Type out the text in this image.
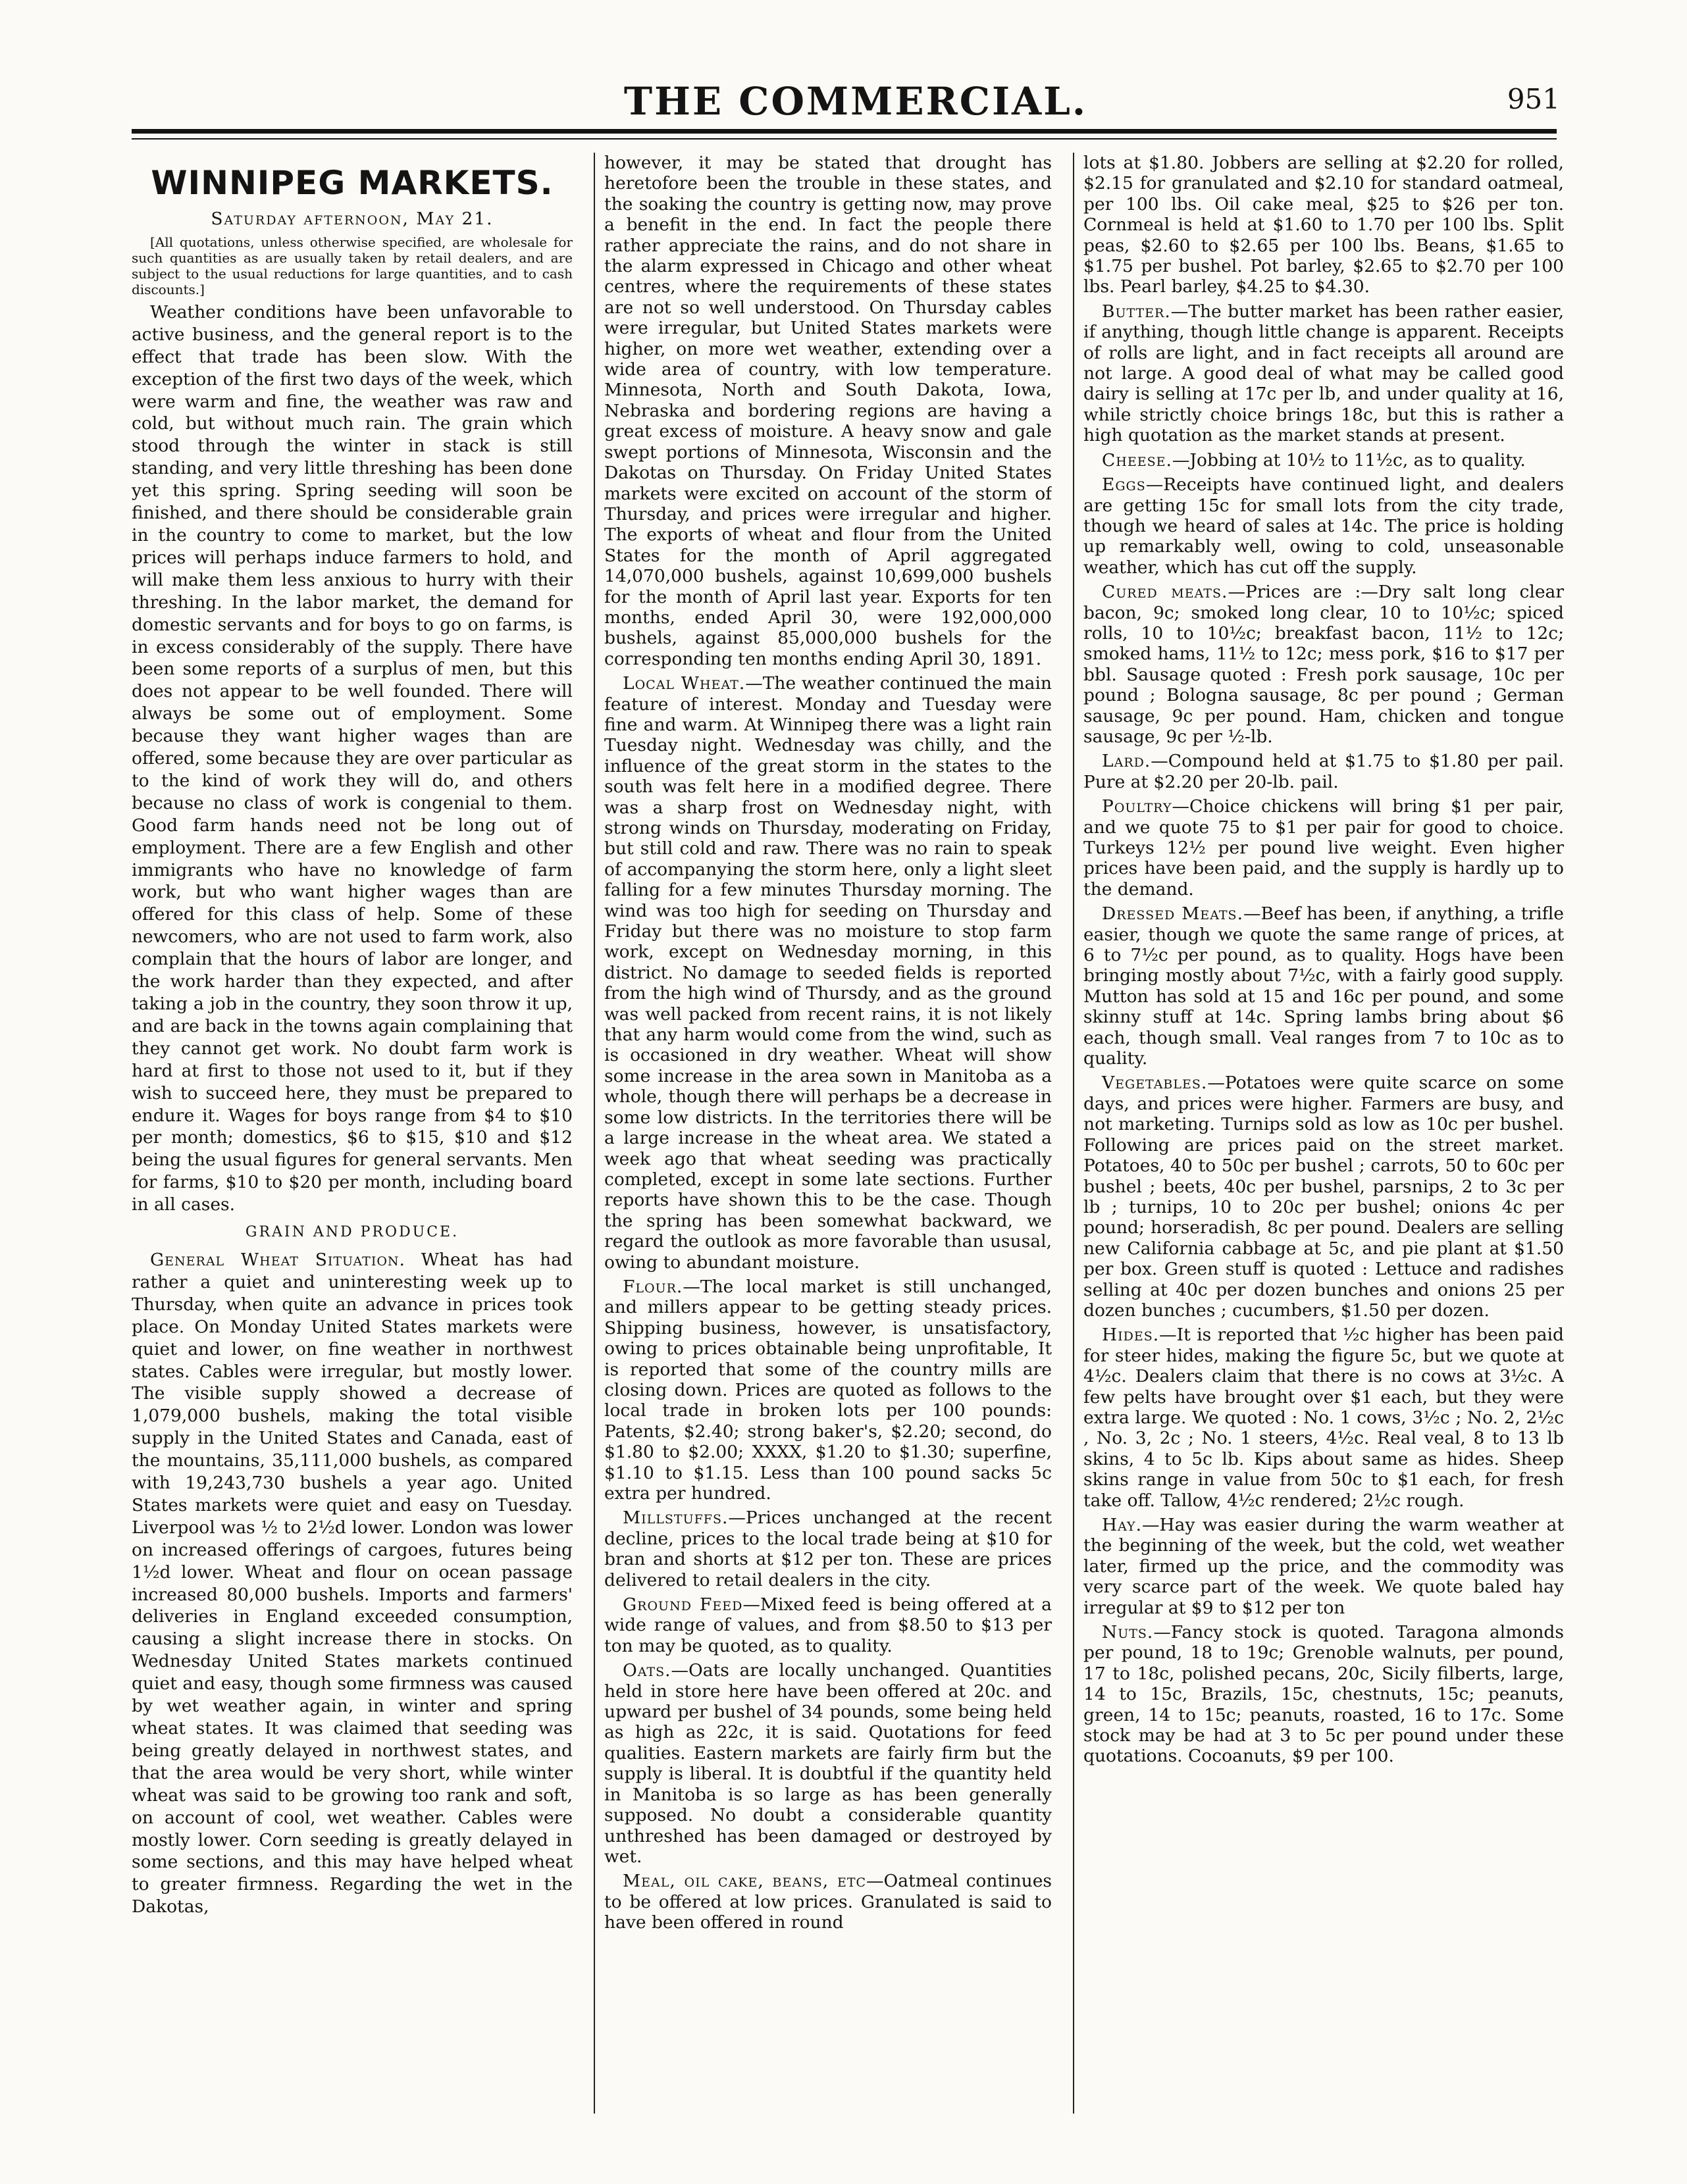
THE COMMERCIAL.	951
WINNIPEG MARKETS.
Saturday afternoon, May 21.

[All quotations, unless otherwise specified, are wholesale for such quantities as are usually taken by retail dealers, and are subject to the usual reductions for large quantities, and to cash discounts.]

Weather conditions have been unfavorable to active business, and the general report is to the effect that trade has been slow. With the exception of the first two days of the week, which were warm and fine, the weather was raw and cold, but without much rain. The grain which stood through the winter in stack is still standing, and very little threshing has been done yet this spring. Spring seeding will soon be finished, and there should be considerable grain in the country to come to market, but the low prices will perhaps induce farmers to hold, and will make them less anxious to hurry with their threshing. In the labor market, the demand for domestic servants and for boys to go on farms, is in excess considerably of the supply. There have been some reports of a surplus of men, but this does not appear to be well founded. There will always be some out of employment. Some because they want higher wages than are offered, some because they are over particular as to the kind of work they will do, and others because no class of work is congenial to them. Good farm hands need not be long out of employment. There are a few English and other immigrants who have no knowledge of farm work, but who want higher wages than are offered for this class of help. Some of these newcomers, who are not used to farm work, also complain that the hours of labor are longer, and the work harder than they expected, and after taking a job in the country, they soon throw it up, and are back in the towns again complaining that they cannot get work. No doubt farm work is hard at first to those not used to it, but if they wish to succeed here, they must be prepared to endure it. Wages for boys range from $4 to $10 per month; domestics, $6 to $15, $10 and $12 being the usual figures for general servants. Men for farms, $10 to $20 per month, including board in all cases.

GRAIN AND PRODUCE.

General Wheat Situation. Wheat has had rather a quiet and uninteresting week up to Thursday, when quite an advance in prices took place. On Monday United States markets were quiet and lower, on fine weather in northwest states. Cables were irregular, but mostly lower. The visible supply showed a decrease of 1,079,000 bushels, making the total visible supply in the United States and Canada, east of the mountains, 35,111,000 bushels, as compared with 19,243,730 bushels a year ago. United States markets were quiet and easy on Tuesday. Liverpool was ½ to 2½d lower. London was lower on increased offerings of cargoes, futures being 1½d lower. Wheat and flour on ocean passage increased 80,000 bushels. Imports and farmers' deliveries in England exceeded consumption, causing a slight increase there in stocks. On Wednesday United States markets continued quiet and easy, though some firmness was caused by wet weather again, in winter and spring wheat states. It was claimed that seeding was being greatly delayed in northwest states, and that the area would be very short, while winter wheat was said to be growing too rank and soft, on account of cool, wet weather. Cables were mostly lower. Corn seeding is greatly delayed in some sections, and this may have helped wheat to greater firmness. Regarding the wet in the Dakotas,

however, it may be stated that drought has heretofore been the trouble in these states, and the soaking the country is getting now, may prove a benefit in the end. In fact the people there rather appreciate the rains, and do not share in the alarm expressed in Chicago and other wheat centres, where the requirements of these states are not so well understood. On Thursday cables were irregular, but United States markets were higher, on more wet weather, extending over a wide area of country, with low temperature. Minnesota, North and South Dakota, Iowa, Nebraska and bordering regions are having a great excess of moisture. A heavy snow and gale swept portions of Minnesota, Wisconsin and the Dakotas on Thursday. On Friday United States markets were excited on account of the storm of Thursday, and prices were irregular and higher. The exports of wheat and flour from the United States for the month of April aggregated 14,070,000 bushels, against 10,699,000 bushels for the month of April last year. Exports for ten months, ended April 30, were 192,000,000 bushels, against 85,000,000 bushels for the corresponding ten months ending April 30, 1891.

Local Wheat.—The weather continued the main feature of interest. Monday and Tuesday were fine and warm. At Winnipeg there was a light rain Tuesday night. Wednesday was chilly, and the influence of the great storm in the states to the south was felt here in a modified degree. There was a sharp frost on Wednesday night, with strong winds on Thursday, moderating on Friday, but still cold and raw. There was no rain to speak of accompanying the storm here, only a light sleet falling for a few minutes Thursday morning. The wind was too high for seeding on Thursday and Friday but there was no moisture to stop farm work, except on Wednesday morning, in this district. No damage to seeded fields is reported from the high wind of Thursdy, and as the ground was well packed from recent rains, it is not likely that any harm would come from the wind, such as is occasioned in dry weather. Wheat will show some increase in the area sown in Manitoba as a whole, though there will perhaps be a decrease in some low districts. In the territories there will be a large increase in the wheat area. We stated a week ago that wheat seeding was practically completed, except in some late sections. Further reports have shown this to be the case. Though the spring has been somewhat backward, we regard the outlook as more favorable than ususal, owing to abundant moisture.

Flour.—The local market is still unchanged, and millers appear to be getting steady prices. Shipping business, however, is unsatisfactory, owing to prices obtainable being unprofitable, It is reported that some of the country mills are closing down. Prices are quoted as follows to the local trade in broken lots per 100 pounds: Patents, $2.40; strong baker's, $2.20; second, do $1.80 to $2.00; XXXX, $1.20 to $1.30; superfine, $1.10 to $1.15. Less than 100 pound sacks 5c extra per hundred.

Millstuffs.—Prices unchanged at the recent decline, prices to the local trade being at $10 for bran and shorts at $12 per ton. These are prices delivered to retail dealers in the city.

Ground Feed—Mixed feed is being offered at a wide range of values, and from $8.50 to $13 per ton may be quoted, as to quality.

Oats.—Oats are locally unchanged. Quantities held in store here have been offered at 20c. and upward per bushel of 34 pounds, some being held as high as 22c, it is said. Quotations for feed qualities. Eastern markets are fairly firm but the supply is liberal. It is doubtful if the quantity held in Manitoba is so large as has been generally supposed. No doubt a considerable quantity unthreshed has been damaged or destroyed by wet.

Meal, oil cake, beans, etc—Oatmeal continues to be offered at low prices. Granulated is said to have been offered in round

lots at $1.80. Jobbers are selling at $2.20 for rolled, $2.15 for granulated and $2.10 for standard oatmeal, per 100 lbs. Oil cake meal, $25 to $26 per ton. Cornmeal is held at $1.60 to 1.70 per 100 lbs. Split peas, $2.60 to $2.65 per 100 lbs. Beans, $1.65 to $1.75 per bushel. Pot barley, $2.65 to $2.70 per 100 lbs. Pearl barley, $4.25 to $4.30.

Butter.—The butter market has been rather easier, if anything, though little change is apparent. Receipts of rolls are light, and in fact receipts all around are not large. A good deal of what may be called good dairy is selling at 17c per lb, and under quality at 16, while strictly choice brings 18c, but this is rather a high quotation as the market stands at present.

Cheese.—Jobbing at 10½ to 11½c, as to quality.

Eggs—Receipts have continued light, and dealers are getting 15c for small lots from the city trade, though we heard of sales at 14c. The price is holding up remarkably well, owing to cold, unseasonable weather, which has cut off the supply.

Cured meats.—Prices are :—Dry salt long clear bacon, 9c; smoked long clear, 10 to 10½c; spiced rolls, 10 to 10½c; breakfast bacon, 11½ to 12c; smoked hams, 11½ to 12c; mess pork, $16 to $17 per bbl. Sausage quoted : Fresh pork sausage, 10c per pound ; Bologna sausage, 8c per pound ; German sausage, 9c per pound. Ham, chicken and tongue sausage, 9c per ½-lb.

Lard.—Compound held at $1.75 to $1.80 per pail. Pure at $2.20 per 20-lb. pail.

Poultry—Choice chickens will bring $1 per pair, and we quote 75 to $1 per pair for good to choice. Turkeys 12½ per pound live weight. Even higher prices have been paid, and the supply is hardly up to the demand.

Dressed Meats.—Beef has been, if anything, a trifle easier, though we quote the same range of prices, at 6 to 7½c per pound, as to quality. Hogs have been bringing mostly about 7½c, with a fairly good supply. Mutton has sold at 15 and 16c per pound, and some skinny stuff at 14c. Spring lambs bring about $6 each, though small. Veal ranges from 7 to 10c as to quality.

Vegetables.—Potatoes were quite scarce on some days, and prices were higher. Farmers are busy, and not marketing. Turnips sold as low as 10c per bushel. Following are prices paid on the street market. Potatoes, 40 to 50c per bushel ; carrots, 50 to 60c per bushel ; beets, 40c per bushel, parsnips, 2 to 3c per lb ; turnips, 10 to 20c per bushel; onions 4c per pound; horseradish, 8c per pound. Dealers are selling new California cabbage at 5c, and pie plant at $1.50 per box. Green stuff is quoted : Lettuce and radishes selling at 40c per dozen bunches and onions 25 per dozen bunches ; cucumbers, $1.50 per dozen.

Hides.—It is reported that ½c higher has been paid for steer hides, making the figure 5c, but we quote at 4½c. Dealers claim that there is no cows at 3½c. A few pelts have brought over $1 each, but they were extra large. We quoted : No. 1 cows, 3½c ; No. 2, 2½c , No. 3, 2c ; No. 1 steers, 4½c. Real veal, 8 to 13 lb skins, 4 to 5c lb. Kips about same as hides. Sheep skins range in value from 50c to $1 each, for fresh take off. Tallow, 4½c rendered; 2½c rough.

Hay.—Hay was easier during the warm weather at the beginning of the week, but the cold, wet weather later, firmed up the price, and the commodity was very scarce part of the week. We quote baled hay irregular at $9 to $12 per ton

Nuts.—Fancy stock is quoted. Taragona almonds per pound, 18 to 19c; Grenoble walnuts, per pound, 17 to 18c, polished pecans, 20c, Sicily filberts, large, 14 to 15c, Brazils, 15c, chestnuts, 15c; peanuts, green, 14 to 15c; peanuts, roasted, 16 to 17c. Some stock may be had at 3 to 5c per pound under these quotations. Cocoanuts, $9 per 100.
